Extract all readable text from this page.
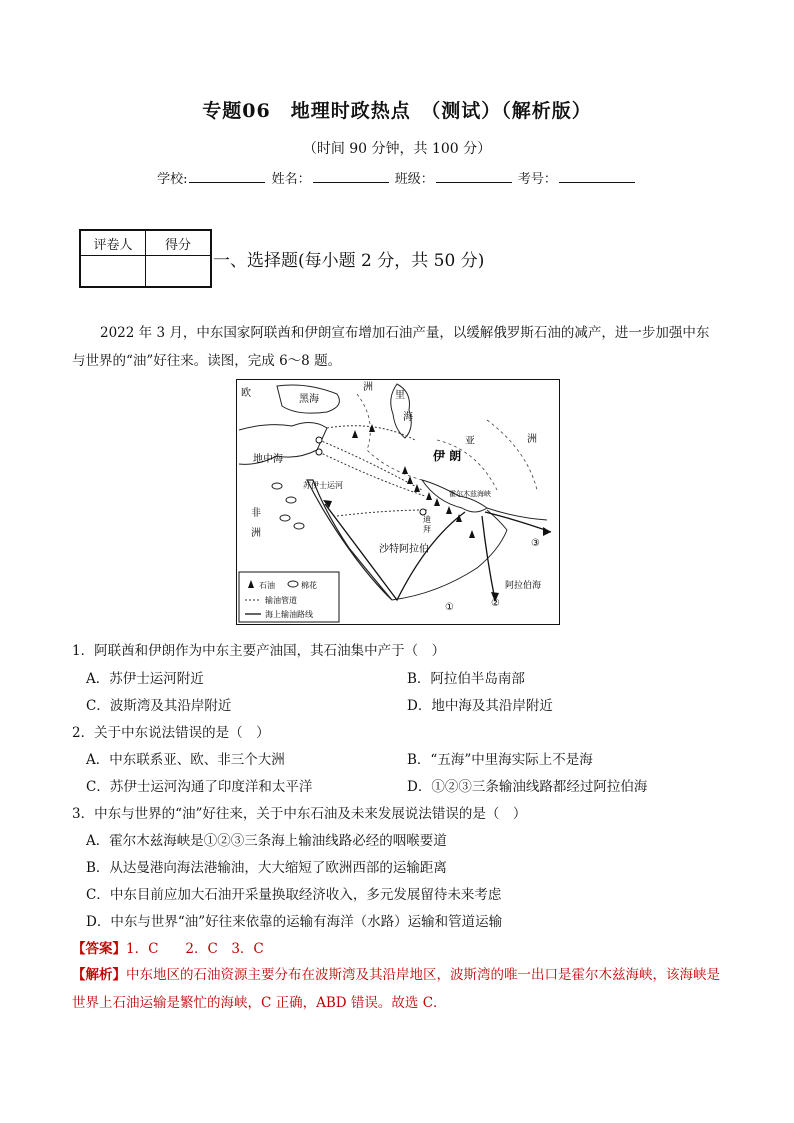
专题06　地理时政热点　（测试）（解析版）
（时间 90 分钟，共 100 分）
学校:	姓名：	班级：	考号：
评卷人	得分

一、选择题(每小题 2 分，共 50 分)
2022 年 3 月，中东国家阿联酋和伊朗宣布增加石油产量，以缓解俄罗斯石油的减产，进一步加强中东与世界的“油”好往来。读图，完成 6～8 题。
欧
黑海
洲
里
海
亚	洲
伊 朗
地中海
苏伊士运河
非
洲
霍尔木兹海峡
迪
拜
沙特阿拉伯
阿拉伯海
①	②
③
石油	棉花
输油管道
海上输油路线
1．阿联酋和伊朗作为中东主要产油国，其石油集中产于（　）
A．苏伊士运河附近	B．阿拉伯半岛南部
C．波斯湾及其沿岸附近	D．地中海及其沿岸附近
2．关于中东说法错误的是（　）
A．中东联系亚、欧、非三个大洲	B．“五海”中里海实际上不是海
C．苏伊士运河沟通了印度洋和太平洋	D．①②③三条输油线路都经过阿拉伯海
3．中东与世界的“油”好往来，关于中东石油及未来发展说法错误的是（　）
A．霍尔木兹海峡是①②③三条海上输油线路必经的咽喉要道
B．从达曼港向海法港输油，大大缩短了欧洲西部的运输距离
C．中东目前应加大石油开采量换取经济收入，多元发展留待未来考虑
D．中东与世界“油”好往来依靠的运输有海洋（水路）运输和管道运输
【答案】1．C　　2．C　3．C
【解析】中东地区的石油资源主要分布在波斯湾及其沿岸地区，波斯湾的唯一出口是霍尔木兹海峡，该海峡是世界上石油运输是繁忙的海峡，C 正确，ABD 错误。故选 C．
